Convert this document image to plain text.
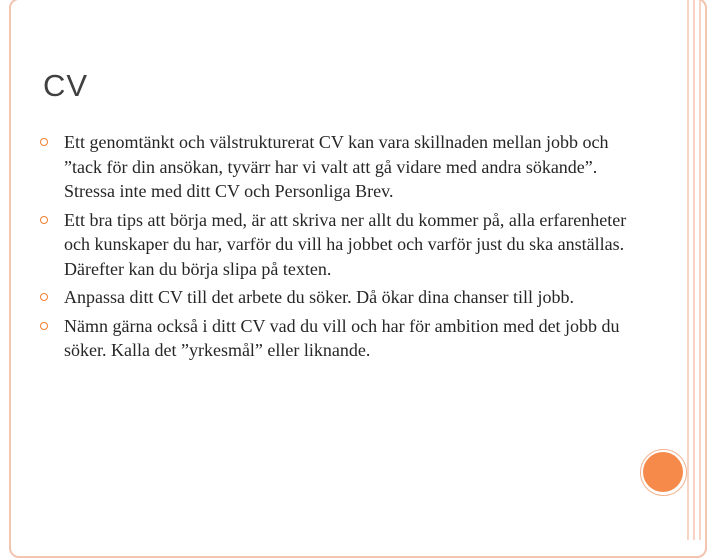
CV
Ett genomtänkt och välstrukturerat CV kan vara skillnaden mellan jobb och ”tack för din ansökan, tyvärr har vi valt att gå vidare med andra sökande”. Stressa inte med ditt CV och Personliga Brev.
Ett bra tips att börja med, är att skriva ner allt du kommer på, alla erfarenheter och kunskaper du har, varför du vill ha jobbet och varför just du ska anställas. Därefter kan du börja slipa på texten.
Anpassa ditt CV till det arbete du söker. Då ökar dina chanser till jobb.
Nämn gärna också i ditt CV vad du vill och har för ambition med det jobb du söker. Kalla det ”yrkesmål” eller liknande.
